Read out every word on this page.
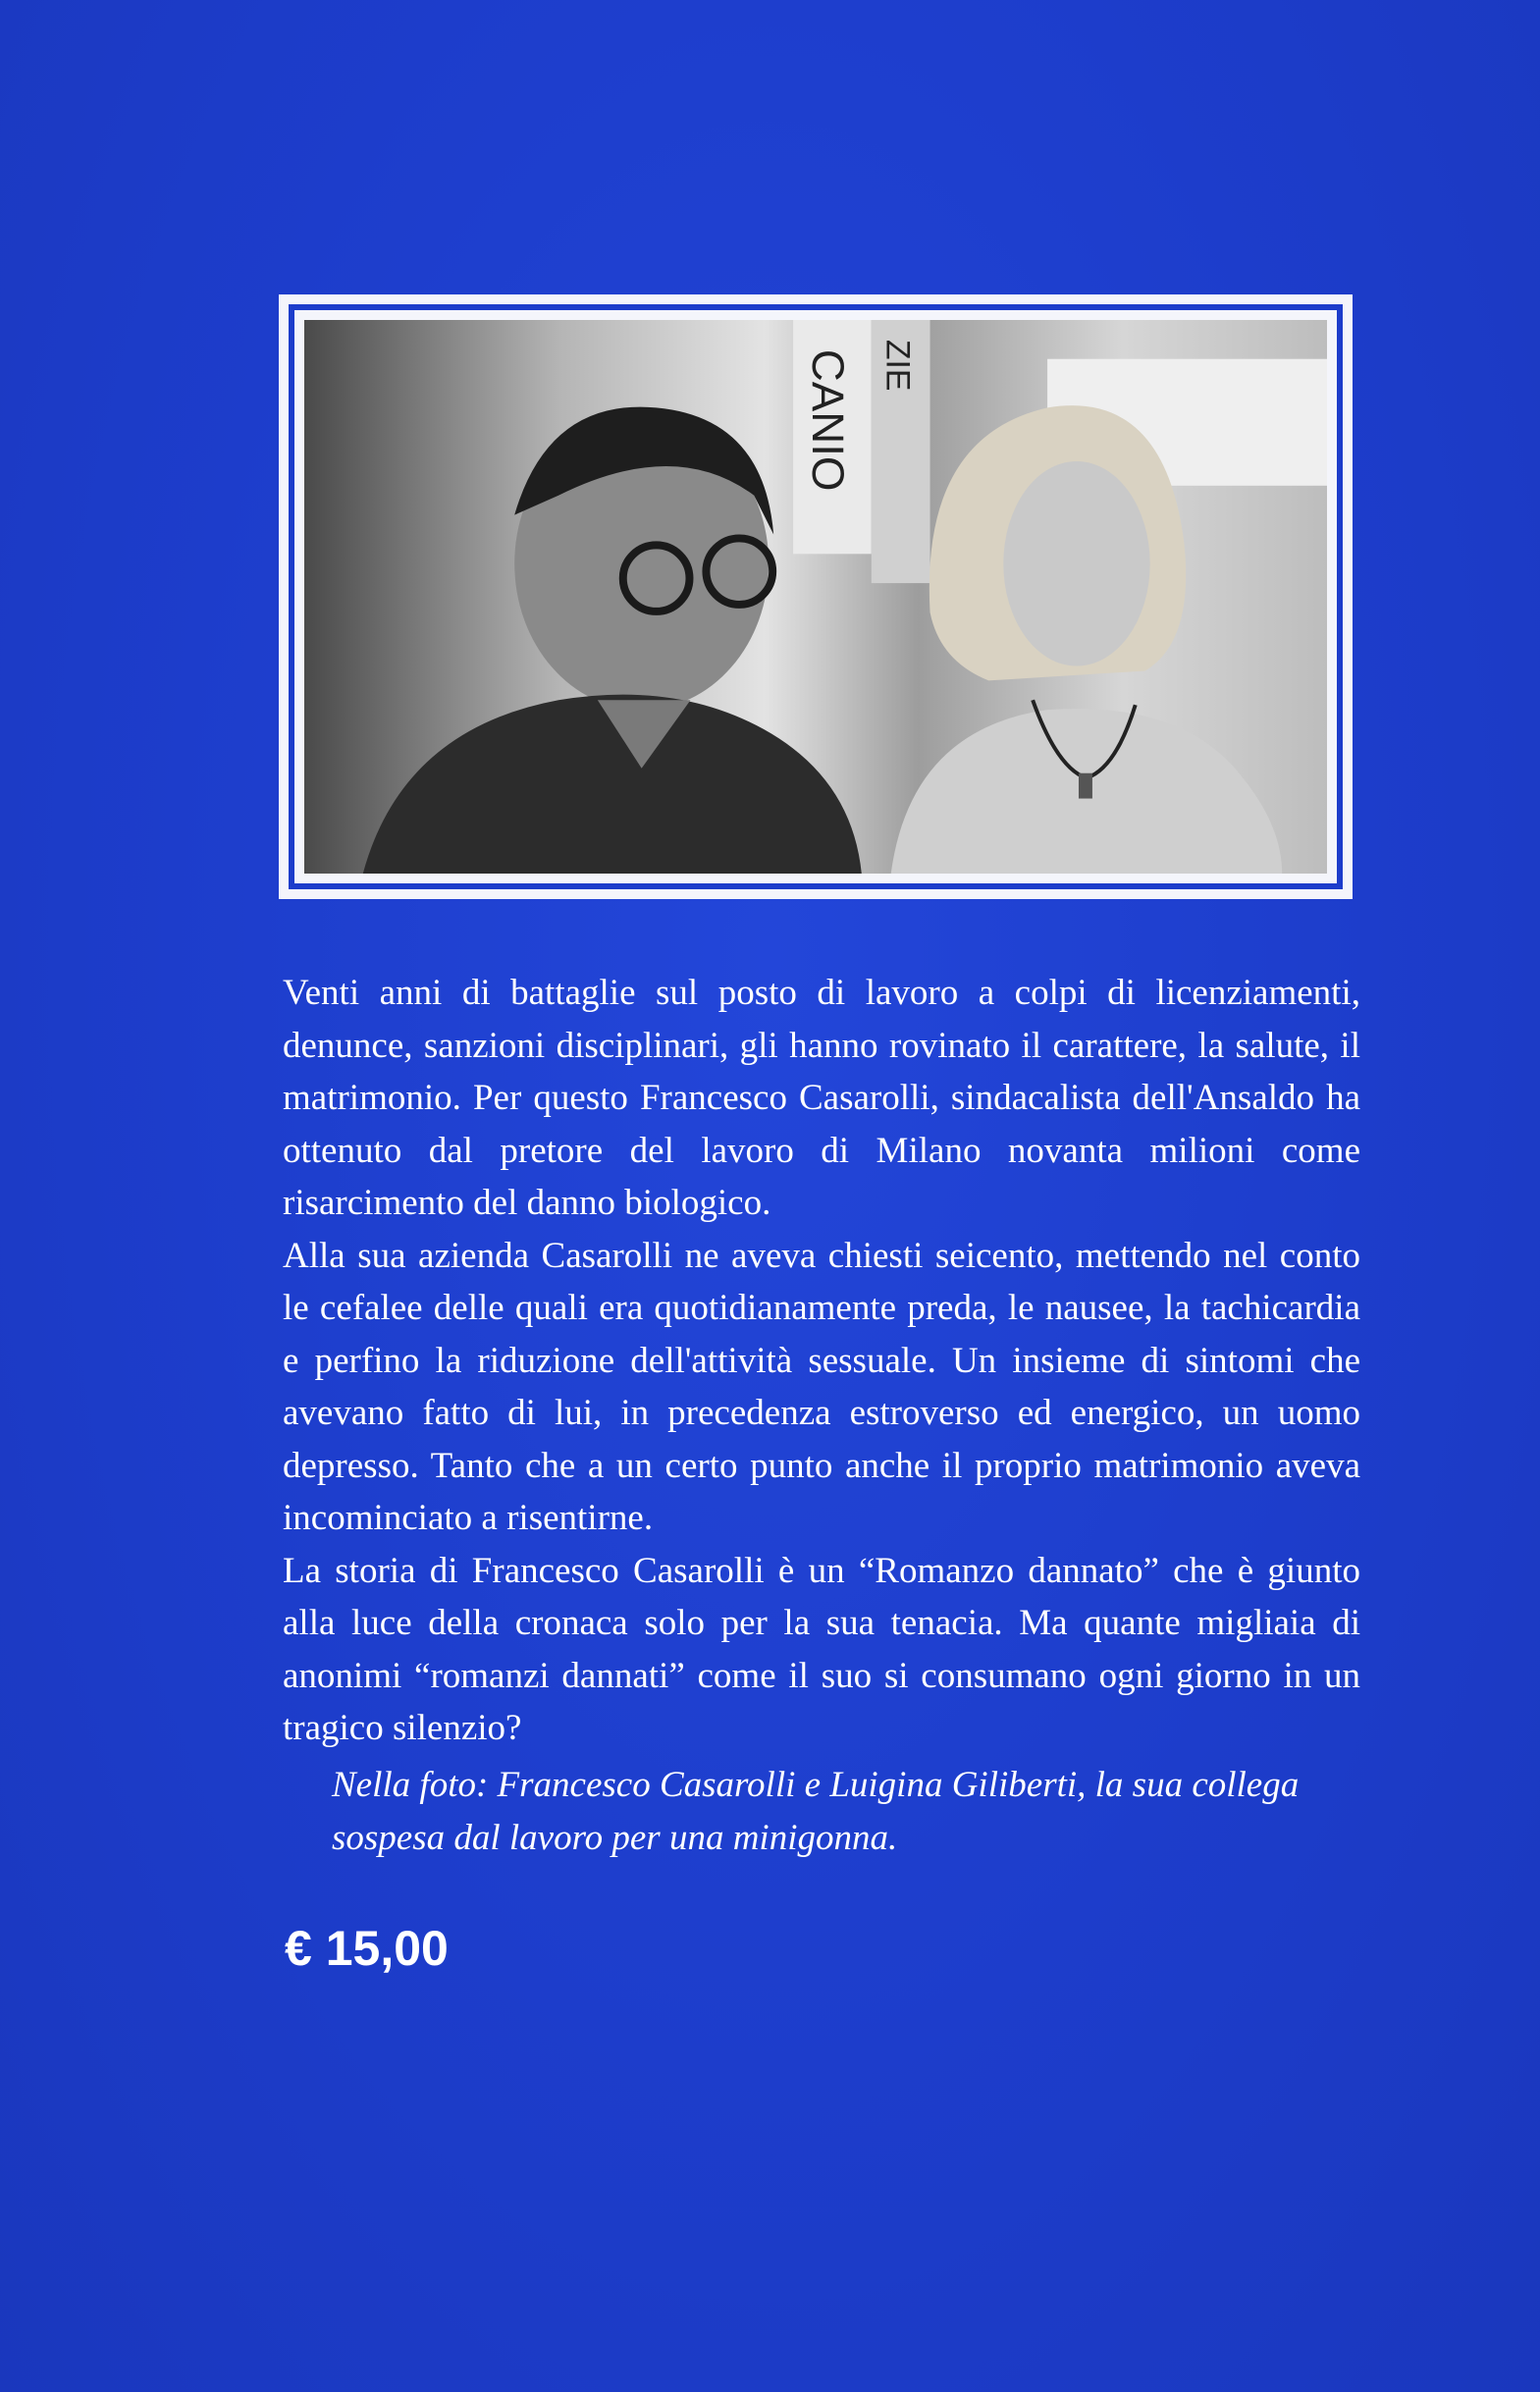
CANIO ZIE

Venti anni di battaglie sul posto di lavoro a colpi di licenziamenti, denunce, sanzioni disciplinari, gli hanno rovinato il carattere, la salute, il matrimonio. Per questo Francesco Casarolli, sindacalista dell'Ansaldo ha ottenuto dal pretore del lavoro di Milano novanta milioni come risarcimento del danno biologico.

Alla sua azienda Casarolli ne aveva chiesti seicento, mettendo nel conto le cefalee delle quali era quotidianamente preda, le nausee, la tachicardia e perfino la riduzione dell'attività sessuale. Un insieme di sintomi che avevano fatto di lui, in precedenza estroverso ed energico, un uomo depresso. Tanto che a un certo punto anche il proprio matrimonio aveva incominciato a risentirne.

La storia di Francesco Casarolli è un “Romanzo dannato” che è giunto alla luce della cronaca solo per la sua tenacia. Ma quante migliaia di anonimi “romanzi dannati” come il suo si consumano ogni giorno in un tragico silenzio?

Nella foto: Francesco Casarolli e Luigina Giliberti, la sua collega sospesa dal lavoro per una minigonna.
€ 15,00
